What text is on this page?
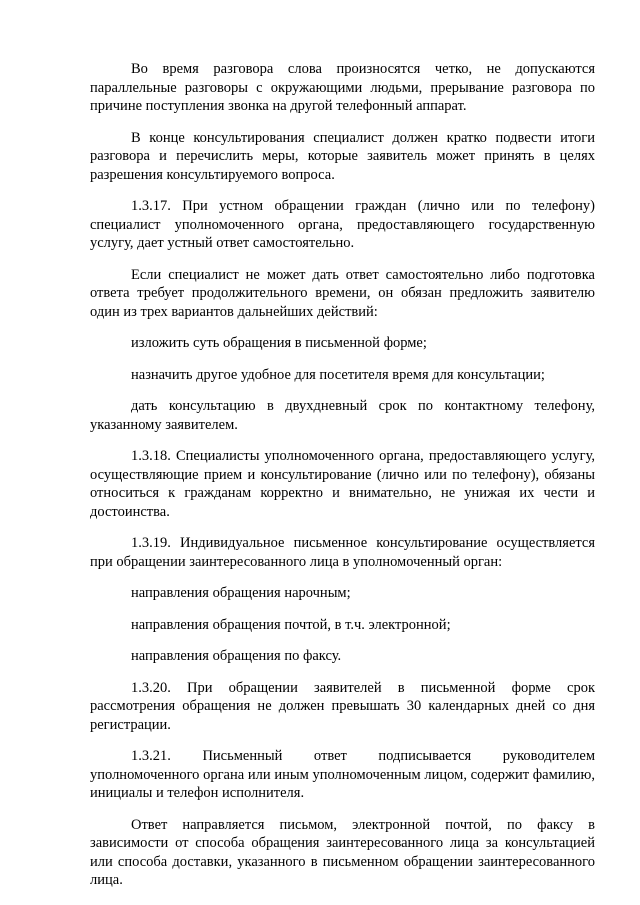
Во время разговора слова произносятся четко, не допускаются параллельные разговоры с окружающими людьми, прерывание разговора по причине поступления звонка на другой телефонный аппарат.

В конце консультирования специалист должен кратко подвести итоги разговора и перечислить меры, которые заявитель может принять в целях разрешения консультируемого вопроса.

1.3.17. При устном обращении граждан (лично или по телефону) специалист уполномоченного органа, предоставляющего государственную услугу, дает устный ответ самостоятельно.

Если специалист не может дать ответ самостоятельно либо подготовка ответа требует продолжительного времени, он обязан предложить заявителю один из трех вариантов дальнейших действий:

изложить суть обращения в письменной форме;

назначить другое удобное для посетителя время для консультации;

дать консультацию в двухдневный срок по контактному телефону, указанному заявителем.

1.3.18. Специалисты уполномоченного органа, предоставляющего услугу, осуществляющие прием и консультирование (лично или по телефону), обязаны относиться к гражданам корректно и внимательно, не унижая их чести и достоинства.

1.3.19. Индивидуальное письменное консультирование осуществляется при обращении заинтересованного лица в уполномоченный орган:

направления обращения нарочным;

направления обращения почтой, в т.ч. электронной;

направления обращения по факсу.

1.3.20. При обращении заявителей в письменной форме срок рассмотрения обращения не должен превышать 30 календарных дней со дня регистрации.

1.3.21. Письменный ответ подписывается руководителем уполномоченного органа или иным уполномоченным лицом, содержит фамилию, инициалы и телефон исполнителя.

Ответ направляется письмом, электронной почтой, по факсу в зависимости от способа обращения заинтересованного лица за консультацией или способа доставки, указанного в письменном обращении заинтересованного лица.
